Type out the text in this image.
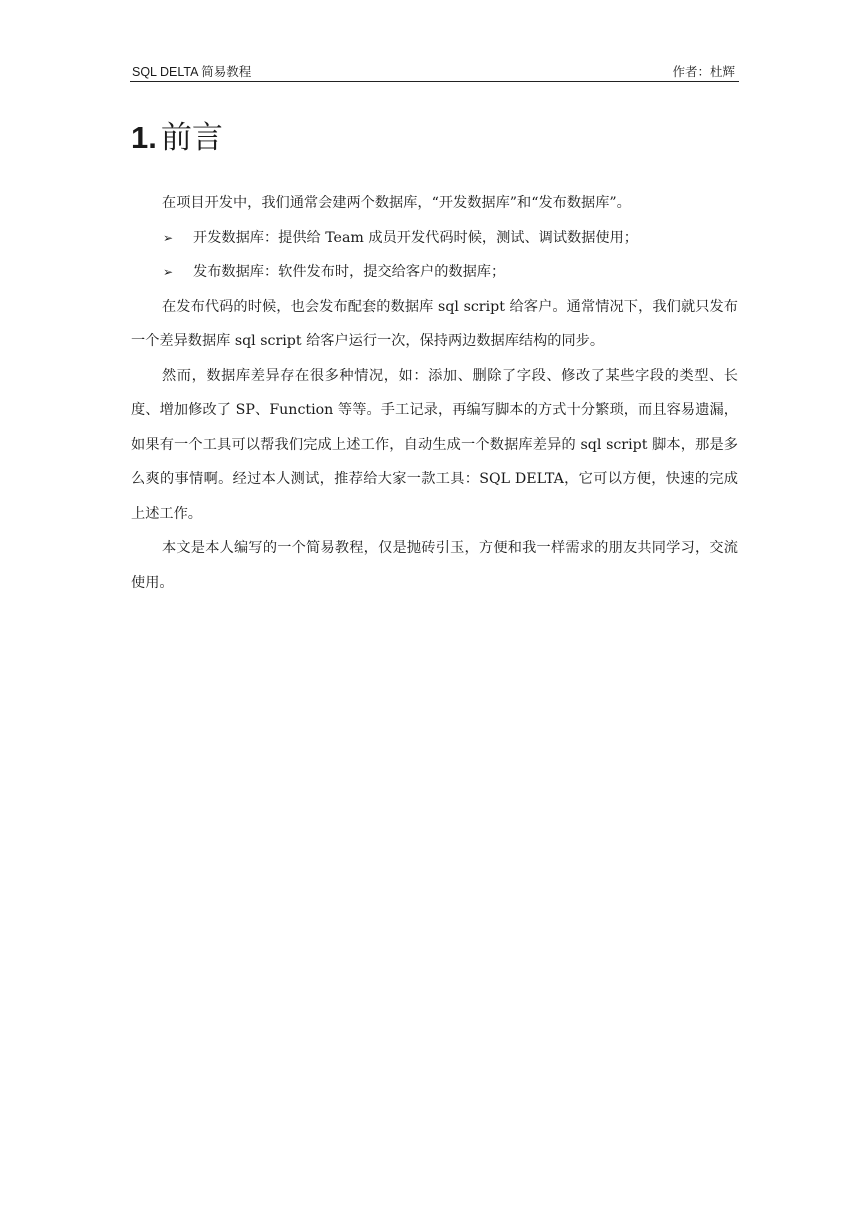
SQL DELTA 简易教程	作者：杜辉
1. 前言

在项目开发中，我们通常会建两个数据库，“开发数据库”和“发布数据库”。

➢ 开发数据库：提供给 Team 成员开发代码时候，测试、调试数据使用；
➢ 发布数据库：软件发布时，提交给客户的数据库；

在发布代码的时候，也会发布配套的数据库 sql script 给客户。通常情况下，我们就只发布一个差异数据库 sql script 给客户运行一次，保持两边数据库结构的同步。

然而，数据库差异存在很多种情况，如：添加、删除了字段、修改了某些字段的类型、长度、增加修改了 SP、Function 等等。手工记录，再编写脚本的方式十分繁琐，而且容易遗漏，如果有一个工具可以帮我们完成上述工作，自动生成一个数据库差异的 sql script 脚本，那是多么爽的事情啊。经过本人测试，推荐给大家一款工具：SQL DELTA，它可以方便，快速的完成上述工作。

本文是本人编写的一个简易教程，仅是抛砖引玉，方便和我一样需求的朋友共同学习，交流使用。
